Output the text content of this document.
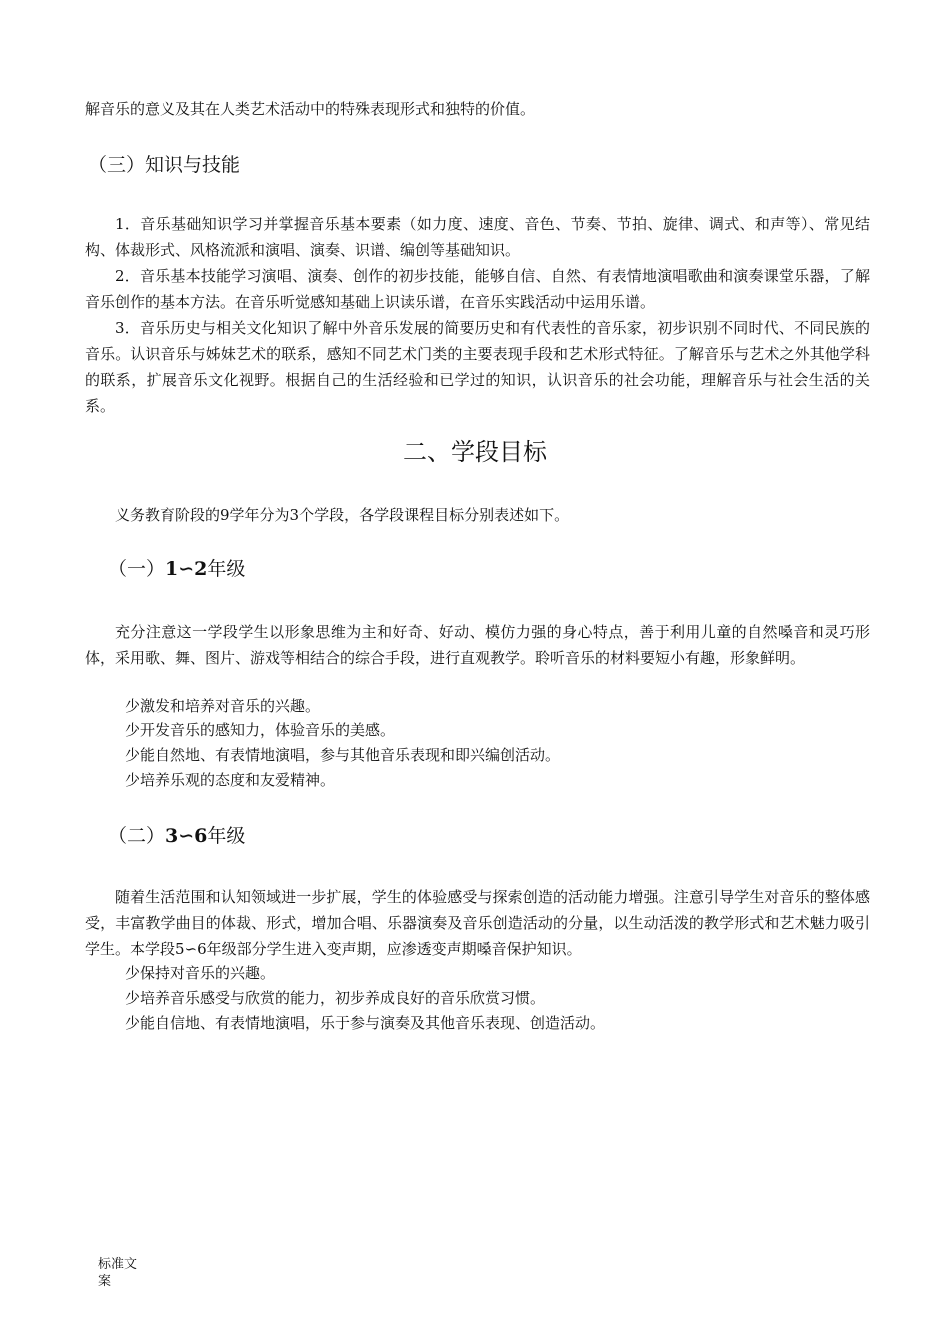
解音乐的意义及其在人类艺术活动中的特殊表现形式和独特的价值。

（三）知识与技能

1．音乐基础知识学习并掌握音乐基本要素（如力度、速度、音色、节奏、节拍、旋律、调式、和声等）、常见结构、体裁形式、风格流派和演唱、演奏、识谱、编创等基础知识。

2．音乐基本技能学习演唱、演奏、创作的初步技能，能够自信、自然、有表情地演唱歌曲和演奏课堂乐器，了解音乐创作的基本方法。在音乐听觉感知基础上识读乐谱，在音乐实践活动中运用乐谱。

3．音乐历史与相关文化知识了解中外音乐发展的简要历史和有代表性的音乐家，初步识别不同时代、不同民族的音乐。认识音乐与姊妹艺术的联系，感知不同艺术门类的主要表现手段和艺术形式特征。了解音乐与艺术之外其他学科的联系，扩展音乐文化视野。根据自己的生活经验和已学过的知识，认识音乐的社会功能，理解音乐与社会生活的关系。

二、学段目标

义务教育阶段的9学年分为3个学段，各学段课程目标分别表述如下。

（一）1∽2年级

充分注意这一学段学生以形象思维为主和好奇、好动、模仿力强的身心特点，善于利用儿童的自然嗓音和灵巧形体，采用歌、舞、图片、游戏等相结合的综合手段，进行直观教学。聆听音乐的材料要短小有趣，形象鲜明。

少激发和培养对音乐的兴趣。

少开发音乐的感知力，体验音乐的美感。

少能自然地、有表情地演唱，参与其他音乐表现和即兴编创活动。

少培养乐观的态度和友爱精神。

（二）3∽6年级

随着生活范围和认知领域进一步扩展，学生的体验感受与探索创造的活动能力增强。注意引导学生对音乐的整体感受，丰富教学曲目的体裁、形式，增加合唱、乐器演奏及音乐创造活动的分量，以生动活泼的教学形式和艺术魅力吸引学生。本学段5∽6年级部分学生进入变声期，应渗透变声期嗓音保护知识。

少保持对音乐的兴趣。

少培养音乐感受与欣赏的能力，初步养成良好的音乐欣赏习惯。

少能自信地、有表情地演唱，乐于参与演奏及其他音乐表现、创造活动。

标准文案
